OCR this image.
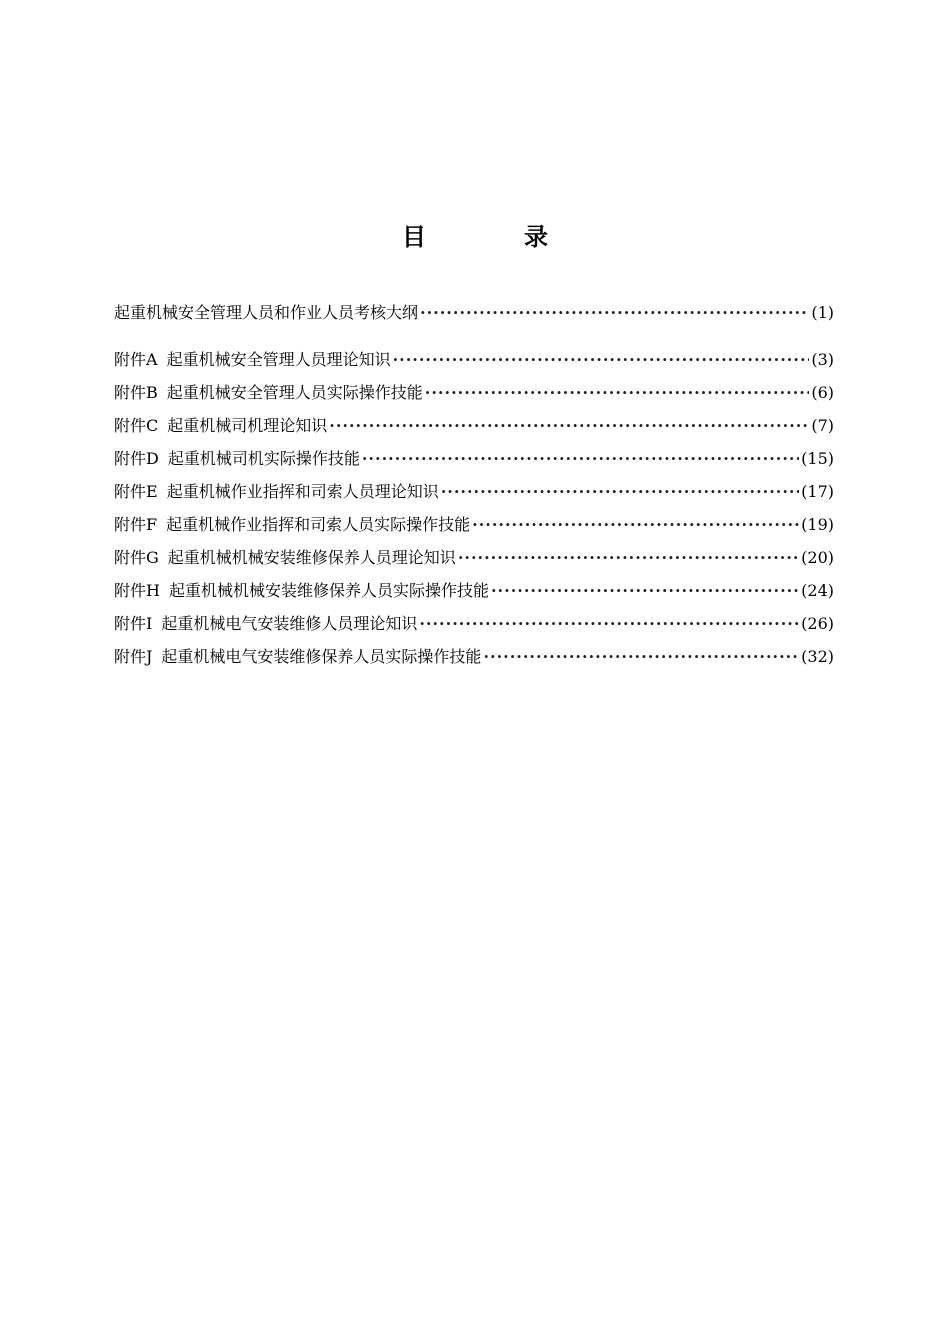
目录
起重机械安全管理人员和作业人员考核大纲 ·····	(1)
附件A 起重机械安全管理人员理论知识 ·····	(3)
附件B 起重机械安全管理人员实际操作技能 ·····	(6)
附件C 起重机械司机理论知识 ·····	(7)
附件D 起重机械司机实际操作技能 ·····	(15)
附件E 起重机械作业指挥和司索人员理论知识 ·····	(17)
附件F 起重机械作业指挥和司索人员实际操作技能 ·····	(19)
附件G 起重机械机械安装维修保养人员理论知识 ·····	(20)
附件H 起重机械机械安装维修保养人员实际操作技能 ·····	(24)
附件I 起重机械电气安装维修人员理论知识 ·····	(26)
附件J 起重机械电气安装维修保养人员实际操作技能 ·····	(32)
